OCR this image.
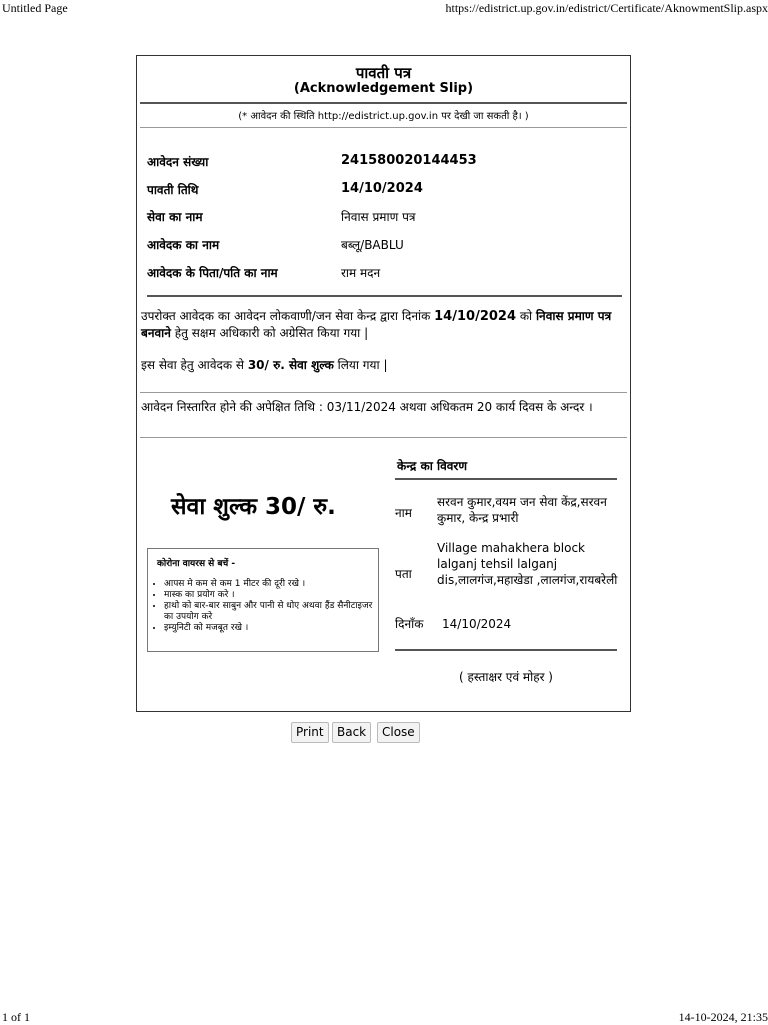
Untitled Page	https://edistrict.up.gov.in/edistrict/Certificate/AknowmentSlip.aspx
पावती पत्र
(Acknowledgement Slip)
(* आवेदन की स्थिति http://edistrict.up.gov.in पर देखी जा सकती है। )
आवेदन संख्या	241580020144453
पावती तिथि	14/10/2024
सेवा का नाम	निवास प्रमाण पत्र
आवेदक का नाम	बब्लू/BABLU
आवेदक के पिता/पति का नाम	राम मदन
उपरोक्त आवेदक का आवेदन लोकवाणी/जन सेवा केन्द्र द्वारा दिनांक 14/10/2024 को निवास प्रमाण पत्र बनवाने हेतु सक्षम अधिकारी को अग्रेसित किया गया |
इस सेवा हेतु आवेदक से 30/ रु. सेवा शुल्क लिया गया |
आवेदन निस्तारित होने की अपेक्षित तिथि : 03/11/2024 अथवा अधिकतम 20 कार्य दिवस के अन्दर ।
सेवा शुल्क 30/ रु.
कोरोना वायरस से बचें -
• आपस मे कम से कम 1 मीटर की दूरी रखे ।
• मास्क का प्रयोग करे ।
• हाथो को बार-बार साबुन और पानी से धोए अथवा हैंड सैनीटाइजर का उपयोग करे
• इम्युनिटी को मजबूत रखे ।
केन्द्र का विवरण
नाम
सरवन कुमार,वयम जन सेवा केंद्र,सरवन कुमार, केन्द्र प्रभारी
पता
Village mahakhera block lalganj tehsil lalganj dis,लालगंज,महाखेडा ,लालगंज,रायबरेली
दिनाँक 14/10/2024
( हस्ताक्षर एवं मोहर )
Print	Back	Close
1 of 1	14-10-2024, 21:35
